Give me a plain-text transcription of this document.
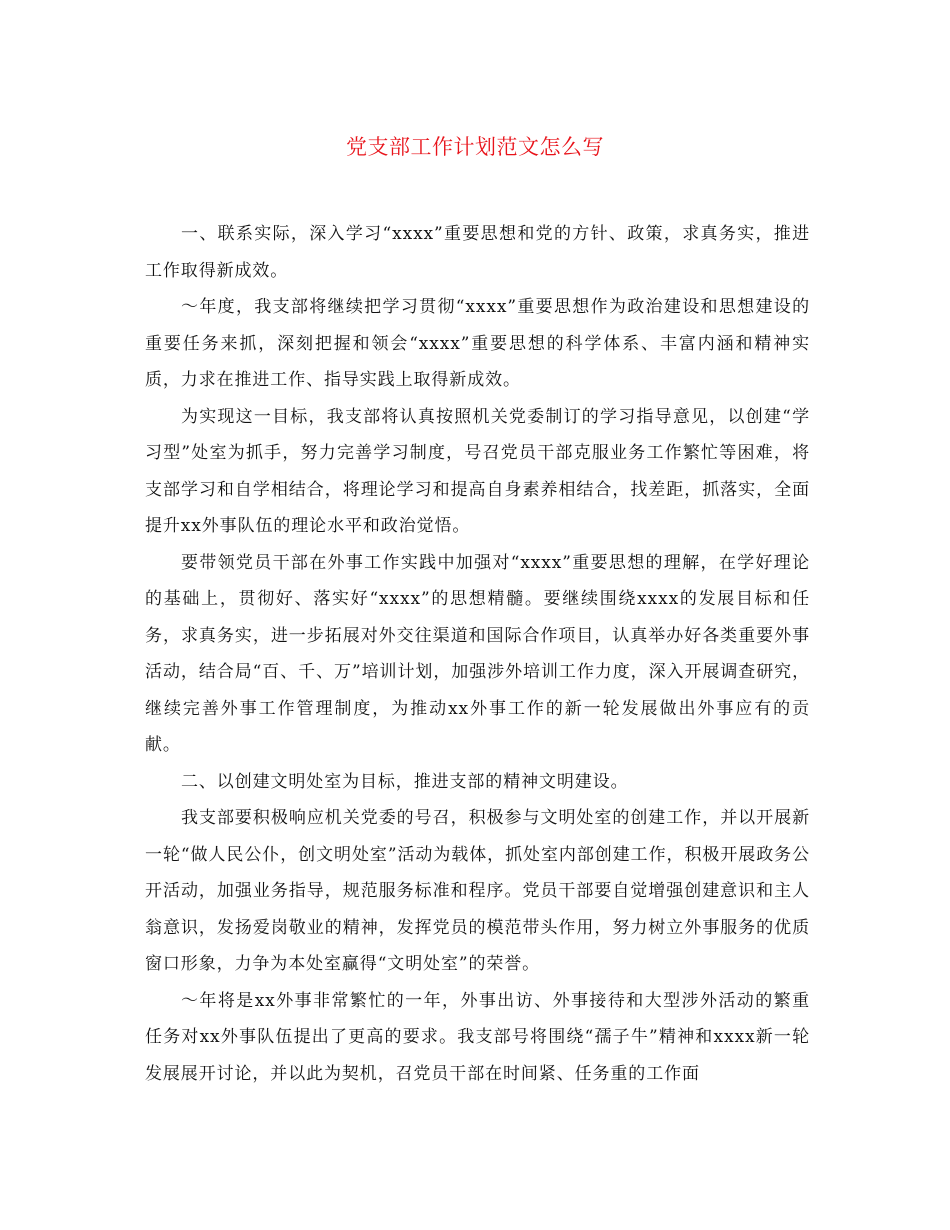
党支部工作计划范文怎么写

一、联系实际，深入学习“xxxx”重要思想和党的方针、政策，求真务实，推进工作取得新成效。

～年度，我支部将继续把学习贯彻“xxxx”重要思想作为政治建设和思想建设的重要任务来抓，深刻把握和领会“xxxx”重要思想的科学体系、丰富内涵和精神实质，力求在推进工作、指导实践上取得新成效。

为实现这一目标，我支部将认真按照机关党委制订的学习指导意见，以创建“学习型”处室为抓手，努力完善学习制度，号召党员干部克服业务工作繁忙等困难，将支部学习和自学相结合，将理论学习和提高自身素养相结合，找差距，抓落实，全面提升xx外事队伍的理论水平和政治觉悟。

要带领党员干部在外事工作实践中加强对“xxxx”重要思想的理解，在学好理论的基础上，贯彻好、落实好“xxxx”的思想精髓。要继续围绕xxxx的发展目标和任务，求真务实，进一步拓展对外交往渠道和国际合作项目，认真举办好各类重要外事活动，结合局“百、千、万”培训计划，加强涉外培训工作力度，深入开展调查研究，继续完善外事工作管理制度，为推动xx外事工作的新一轮发展做出外事应有的贡献。

二、以创建文明处室为目标，推进支部的精神文明建设。

我支部要积极响应机关党委的号召，积极参与文明处室的创建工作，并以开展新一轮“做人民公仆，创文明处室”活动为载体，抓处室内部创建工作，积极开展政务公开活动，加强业务指导，规范服务标准和程序。党员干部要自觉增强创建意识和主人翁意识，发扬爱岗敬业的精神，发挥党员的模范带头作用，努力树立外事服务的优质窗口形象，力争为本处室赢得“文明处室”的荣誉。

～年将是xx外事非常繁忙的一年，外事出访、外事接待和大型涉外活动的繁重任务对xx外事队伍提出了更高的要求。我支部号将围绕“孺子牛”精神和xxxx新一轮发展展开讨论，并以此为契机，召党员干部在时间紧、任务重的工作面
